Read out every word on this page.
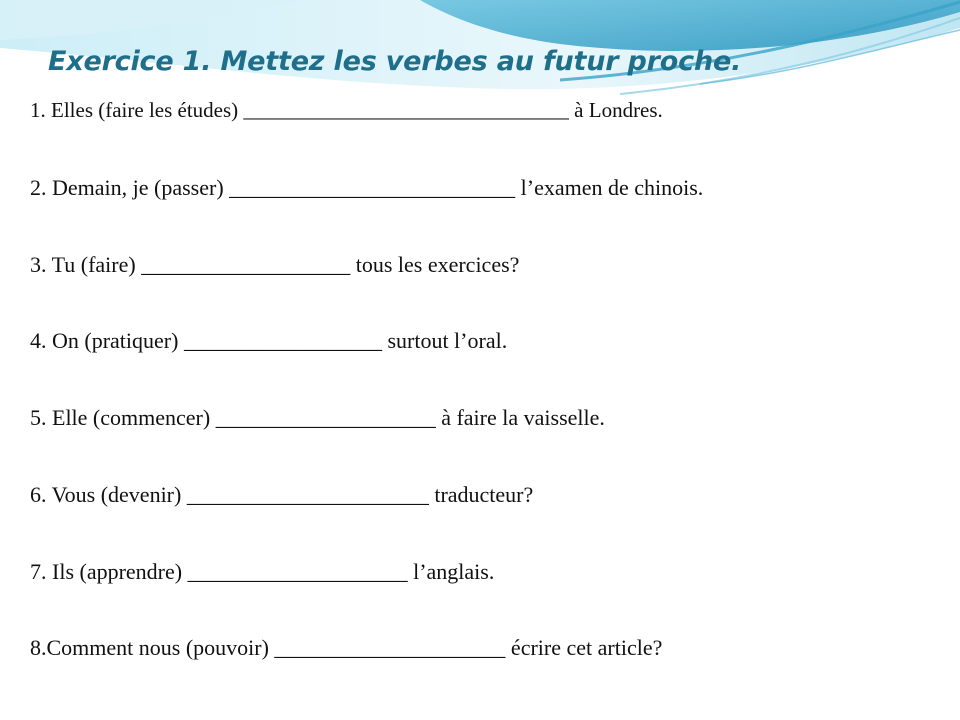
Exercice 1. Mettez les verbes au futur proche.

1. Elles (faire les études) _______________________________ à Londres.

2. Demain, je (passer) __________________________ l’examen de chinois.

3. Tu (faire) ___________________ tous les exercices?

4. On (pratiquer) __________________ surtout l’oral.

5. Elle (commencer) ____________________ à faire la vaisselle.

6. Vous (devenir) ______________________ traducteur?

7. Ils (apprendre) ____________________ l’anglais.

8.Comment nous (pouvoir) _____________________ écrire cet article?
